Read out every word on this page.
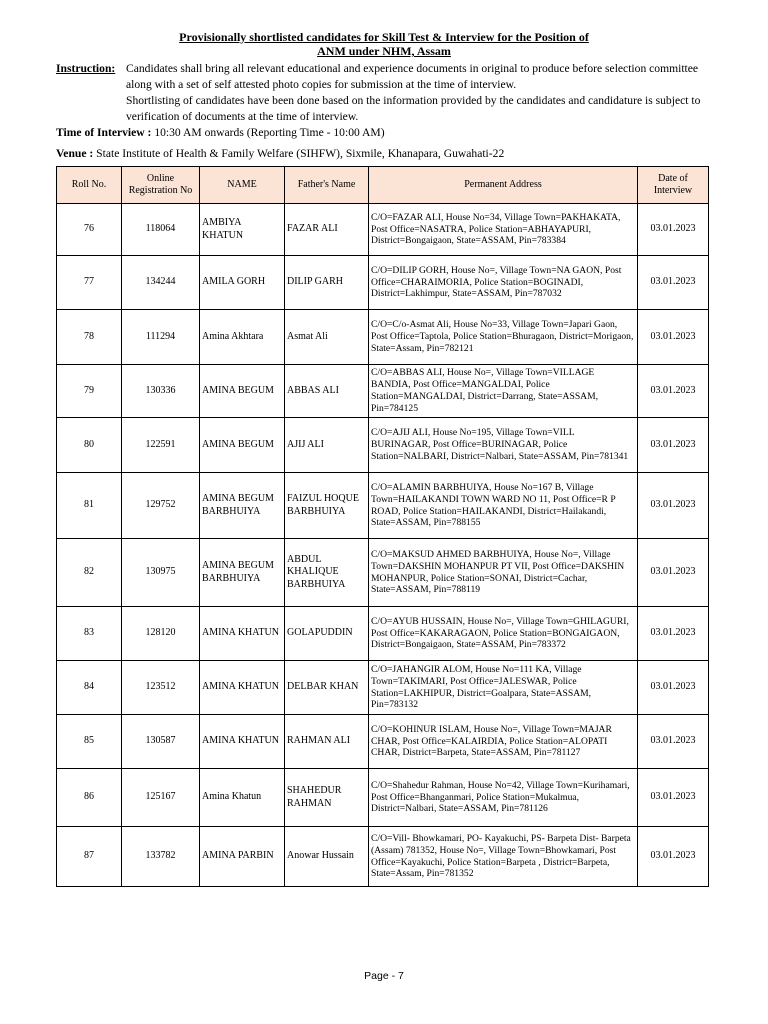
Provisionally shortlisted candidates for Skill Test & Interview for the Position of
ANM under NHM, Assam
Instruction: Candidates shall bring all relevant educational and experience documents in original to produce before selection committee
along with a set of self attested photo copies for submission at the time of interview.
Shortlisting of candidates have been done based on the information provided by the candidates and candidature is subject to
verification of documents at the time of interview.
Time of Interview : 10:30 AM onwards (Reporting Time - 10:00 AM)
Venue : State Institute of Health & Family Welfare (SIHFW), Sixmile, Khanapara, Guwahati-22
Roll No.	Online Registration No	NAME	Father's Name	Permanent Address	Date of Interview
76	118064	AMBIYA KHATUN	FAZAR ALI	C/O=FAZAR ALI, House No=34, Village Town=PAKHAKATA, Post Office=NASATRA, Police Station=ABHAYAPURI, District=Bongaigaon, State=ASSAM, Pin=783384	03.01.2023
77	134244	AMILA GORH	DILIP GARH	C/O=DILIP GORH, House No=, Village Town=NA GAON, Post Office=CHARAIMORIA, Police Station=BOGINADI, District=Lakhimpur, State=ASSAM, Pin=787032	03.01.2023
78	111294	Amina Akhtara	Asmat Ali	C/O=C/o-Asmat Ali, House No=33, Village Town=Japari Gaon, Post Office=Taptola, Police Station=Bhuragaon, District=Morigaon, State=Assam, Pin=782121	03.01.2023
79	130336	AMINA BEGUM	ABBAS ALI	C/O=ABBAS ALI, House No=, Village Town=VILLAGE BANDIA, Post Office=MANGALDAI, Police Station=MANGALDAI, District=Darrang, State=ASSAM, Pin=784125	03.01.2023
80	122591	AMINA BEGUM	AJIJ ALI	C/O=AJIJ ALI, House No=195, Village Town=VILL BURINAGAR, Post Office=BURINAGAR, Police Station=NALBARI, District=Nalbari, State=ASSAM, Pin=781341	03.01.2023
81	129752	AMINA BEGUM BARBHUIYA	FAIZUL HOQUE BARBHUIYA	C/O=ALAMIN BARBHUIYA, House No=167 B, Village Town=HAILAKANDI TOWN WARD NO 11, Post Office=R P ROAD, Police Station=HAILAKANDI, District=Hailakandi, State=ASSAM, Pin=788155	03.01.2023
82	130975	AMINA BEGUM BARBHUIYA	ABDUL KHALIQUE BARBHUIYA	C/O=MAKSUD AHMED BARBHUIYA, House No=, Village Town=DAKSHIN MOHANPUR PT VII, Post Office=DAKSHIN MOHANPUR, Police Station=SONAI, District=Cachar, State=ASSAM, Pin=788119	03.01.2023
83	128120	AMINA KHATUN	GOLAPUDDIN	C/O=AYUB HUSSAIN, House No=, Village Town=GHILAGURI, Post Office=KAKARAGAON, Police Station=BONGAIGAON, District=Bongaigaon, State=ASSAM, Pin=783372	03.01.2023
84	123512	AMINA KHATUN	DELBAR KHAN	C/O=JAHANGIR ALOM, House No=111 KA, Village Town=TAKIMARI, Post Office=JALESWAR, Police Station=LAKHIPUR, District=Goalpara, State=ASSAM, Pin=783132	03.01.2023
85	130587	AMINA KHATUN	RAHMAN ALI	C/O=KOHINUR ISLAM, House No=, Village Town=MAJAR CHAR, Post Office=KALAIRDIA, Police Station=ALOPATI CHAR, District=Barpeta, State=ASSAM, Pin=781127	03.01.2023
86	125167	Amina Khatun	SHAHEDUR RAHMAN	C/O=Shahedur Rahman, House No=42, Village Town=Kurihamari, Post Office=Bhanganmari, Police Station=Mukalmua, District=Nalbari, State=ASSAM, Pin=781126	03.01.2023
87	133782	AMINA PARBIN	Anowar Hussain	C/O=Vill- Bhowkamari, PO- Kayakuchi, PS- Barpeta Dist- Barpeta (Assam) 781352, House No=, Village Town=Bhowkamari, Post Office=Kayakuchi, Police Station=Barpeta , District=Barpeta, State=Assam, Pin=781352	03.01.2023
Page - 7
